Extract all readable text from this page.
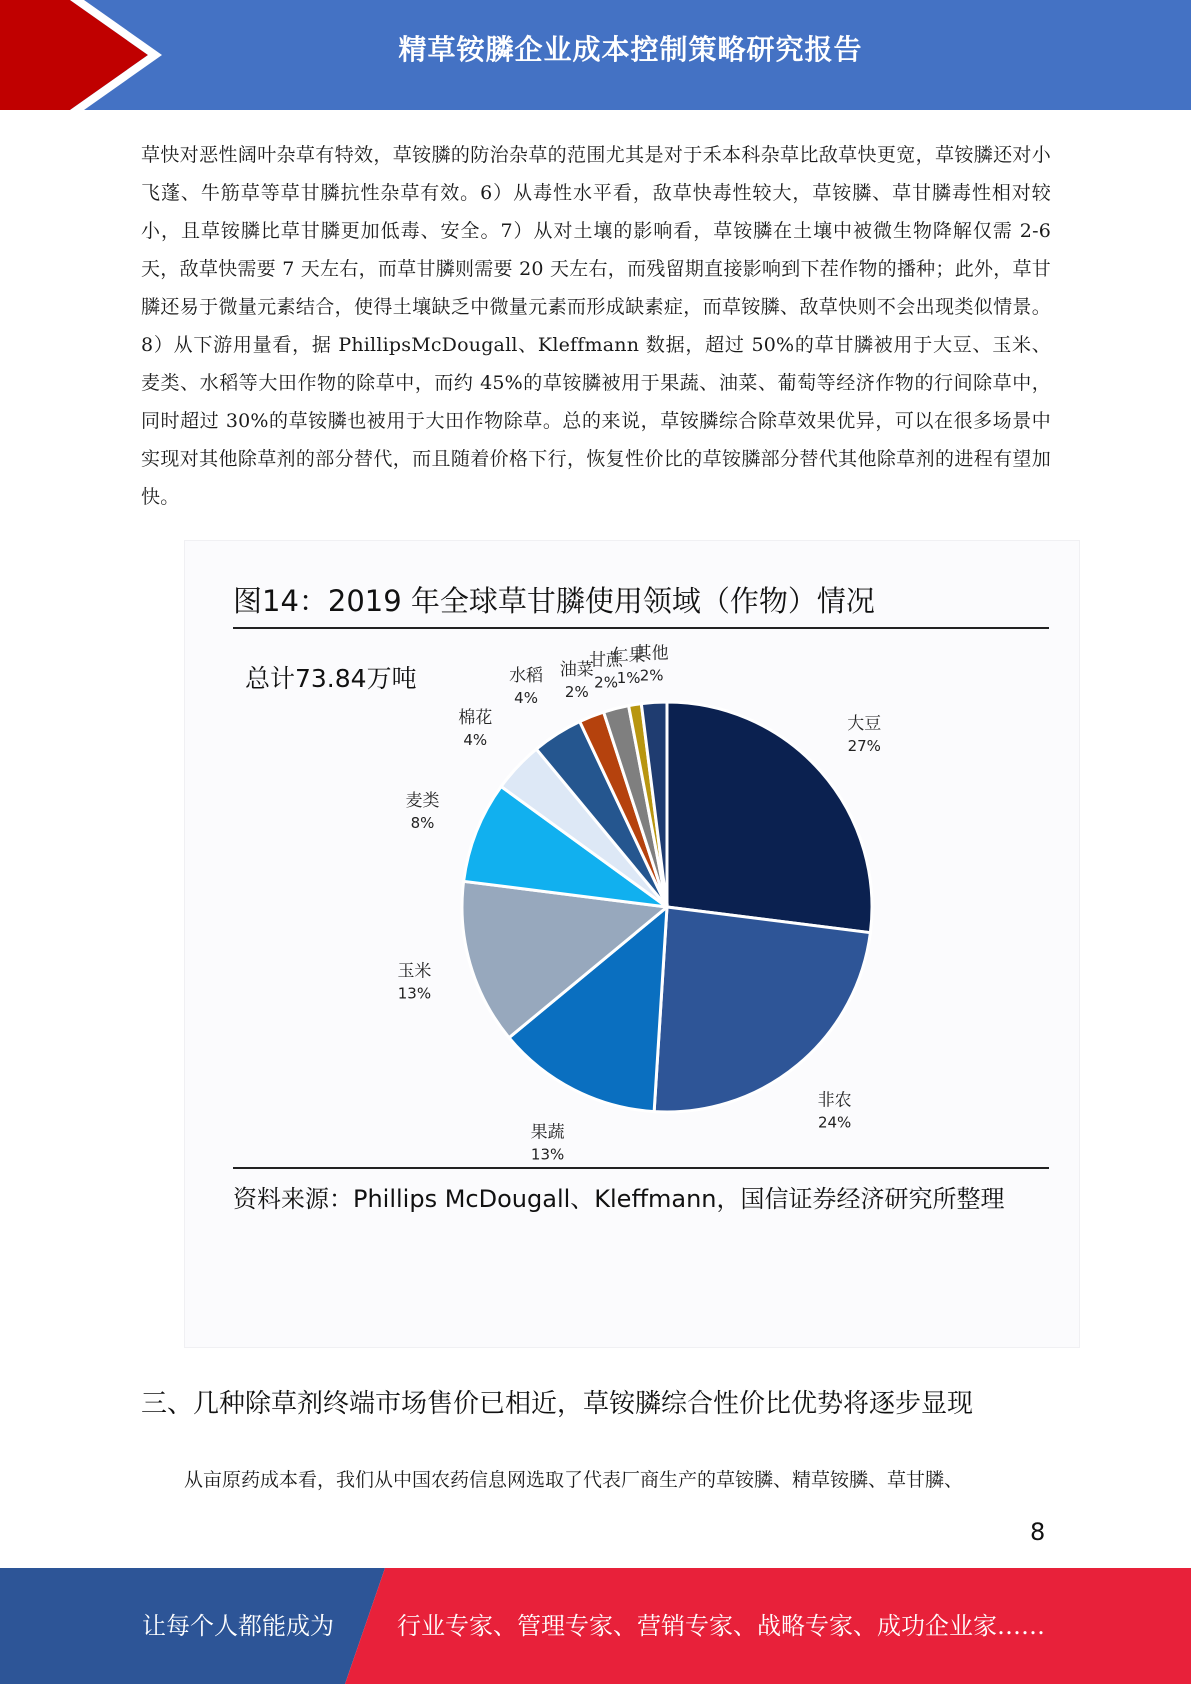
精草铵膦企业成本控制策略研究报告

草快对恶性阔叶杂草有特效，草铵膦的防治杂草的范围尤其是对于禾本科杂草比敌草快更宽，草铵膦还对小飞蓬、牛筋草等草甘膦抗性杂草有效。6）从毒性水平看，敌草快毒性较大，草铵膦、草甘膦毒性相对较小，且草铵膦比草甘膦更加低毒、安全。7）从对土壤的影响看，草铵膦在土壤中被微生物降解仅需 2-6 天，敌草快需要 7 天左右，而草甘膦则需要 20 天左右，而残留期直接影响到下茬作物的播种；此外，草甘膦还易于微量元素结合，使得土壤缺乏中微量元素而形成缺素症，而草铵膦、敌草快则不会出现类似情景。8）从下游用量看，据 PhillipsMcDougall、Kleffmann 数据，超过 50%的草甘膦被用于大豆、玉米、麦类、水稻等大田作物的除草中，而约 45%的草铵膦被用于果蔬、油菜、葡萄等经济作物的行间除草中，同时超过 30%的草铵膦也被用于大田作物除草。总的来说，草铵膦综合除草效果优异，可以在很多场景中实现对其他除草剂的部分替代，而且随着价格下行，恢复性价比的草铵膦部分替代其他除草剂的进程有望加快。

图14：2019 年全球草甘膦使用领域（作物）情况
总计73.84万吨
大豆
27%
非农
24%
果蔬
13%
玉米
13%
麦类
8%
棉花
4%
水稻
4%
油菜
2%
甘蔗
2%
仁果
1%
其他
2%
资料来源：Phillips McDougall、Kleffmann，国信证券经济研究所整理
三、几种除草剂终端市场售价已相近，草铵膦综合性价比优势将逐步显现
从亩原药成本看，我们从中国农药信息网选取了代表厂商生产的草铵膦、精草铵膦、草甘膦、
8
让每个人都能成为	行业专家、管理专家、营销专家、战略专家、成功企业家……
